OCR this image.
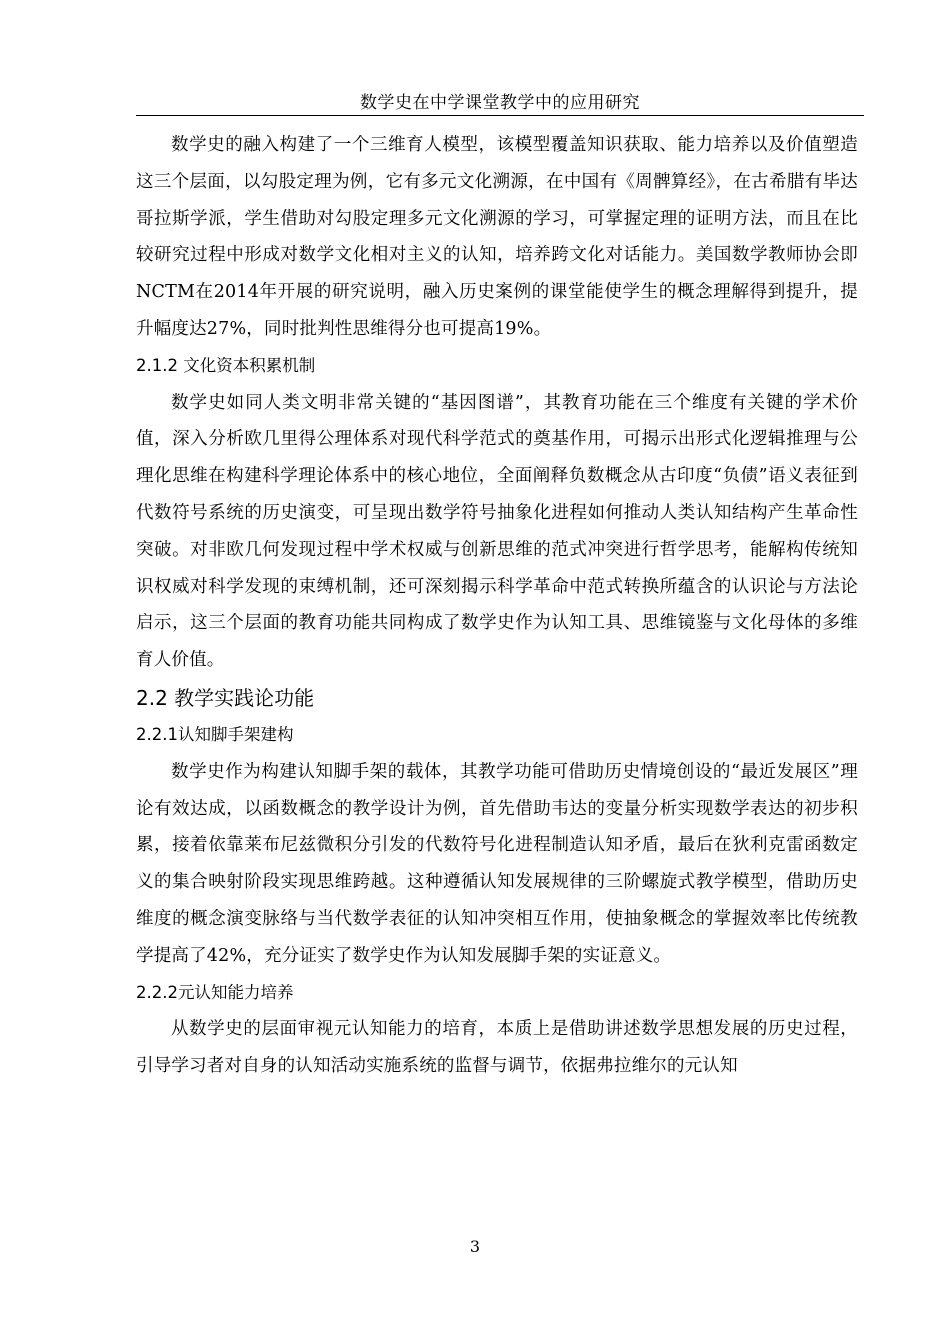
数学史在中学课堂教学中的应用研究

数学史的融入构建了一个三维育人模型，该模型覆盖知识获取、能力培养以及价值塑造这三个层面，以勾股定理为例，它有多元文化溯源，在中国有《周髀算经》，在古希腊有毕达哥拉斯学派，学生借助对勾股定理多元文化溯源的学习，可掌握定理的证明方法，而且在比较研究过程中形成对数学文化相对主义的认知，培养跨文化对话能力。美国数学教师协会即NCTM在2014年开展的研究说明，融入历史案例的课堂能使学生的概念理解得到提升，提升幅度达27%，同时批判性思维得分也可提高19%。

2.1.2 文化资本积累机制

数学史如同人类文明非常关键的“基因图谱”，其教育功能在三个维度有关键的学术价值，深入分析欧几里得公理体系对现代科学范式的奠基作用，可揭示出形式化逻辑推理与公理化思维在构建科学理论体系中的核心地位，全面阐释负数概念从古印度“负债”语义表征到代数符号系统的历史演变，可呈现出数学符号抽象化进程如何推动人类认知结构产生革命性突破。对非欧几何发现过程中学术权威与创新思维的范式冲突进行哲学思考，能解构传统知识权威对科学发现的束缚机制，还可深刻揭示科学革命中范式转换所蕴含的认识论与方法论启示，这三个层面的教育功能共同构成了数学史作为认知工具、思维镜鉴与文化母体的多维育人价值。

2.2 教学实践论功能
2.2.1认知脚手架建构

数学史作为构建认知脚手架的载体，其教学功能可借助历史情境创设的“最近发展区”理论有效达成，以函数概念的教学设计为例，首先借助韦达的变量分析实现数学表达的初步积累，接着依靠莱布尼兹微积分引发的代数符号化进程制造认知矛盾，最后在狄利克雷函数定义的集合映射阶段实现思维跨越。这种遵循认知发展规律的三阶螺旋式教学模型，借助历史维度的概念演变脉络与当代数学表征的认知冲突相互作用，使抽象概念的掌握效率比传统教学提高了42%，充分证实了数学史作为认知发展脚手架的实证意义。

2.2.2元认知能力培养

从数学史的层面审视元认知能力的培育，本质上是借助讲述数学思想发展的历史过程，引导学习者对自身的认知活动实施系统的监督与调节，依据弗拉维尔的元认知

3
